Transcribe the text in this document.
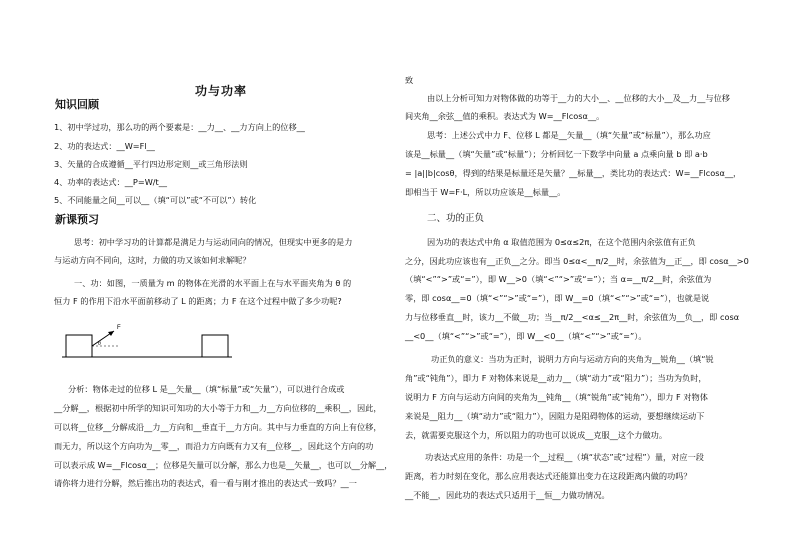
功与功率
知识回顾
1、初中学过功，那么功的两个要素是：__力__、__力方向上的位移__
2、功的表达式：__W=Fl__
3、矢量的合成遵循__平行四边形定则__或三角形法则
4、功率的表达式：__P=W/t__
5、不同能量之间__可以__（填“可以”或“不可以”）转化
新课预习
思考：初中学习功的计算都是满足力与运动同向的情况，但现实中更多的是力
与运动方向不同向，这时，力做的功又该如何求解呢？
一、功：如图，一质量为 m 的物体在光滑的水平面上在与水平面夹角为 θ 的
恒力 F 的作用下沿水平面前移动了 L 的距离；力 F 在这个过程中做了多少功呢?
分析：物体走过的位移 L 是__矢量__（填“标量”或“矢量”），可以进行合成或
__分解__，根据初中所学的知识可知功的大小等于力和__力__方向位移的__乘积__，因此，
可以将__位移__分解成沿__力__方向和__垂直于__力方向。其中与力垂直的方向上有位移，
而无力，所以这个方向功为__零__，而沿力方向既有力又有__位移__，因此这个方向的功
可以表示成 W=__Flcosα__；位移是矢量可以分解，那么力也是__矢量__，也可以__分解__，
请你将力进行分解，然后推出功的表达式，看一看与刚才推出的表达式一致吗？__一
F
θ
致
由以上分析可知力对物体做的功等于__力的大小__、__位移的大小__及__力__与位移
间夹角__余弦__值的乘积。表达式为 W=__Flcosα__。
思考：上述公式中力 F、位移 L 都是__矢量__（填“矢量”或“标量”），那么功应
该是__标量__（填“矢量”或“标量”）；分析回忆一下数学中向量 a 点乘向量 b 即 a·b
= |a||b|cosθ，得到的结果是标量还是矢量？__标量__，类比功的表达式：W=__Flcosα__，
即相当于 W=F·L，所以功应该是__标量__。
二、功的正负
因为功的表达式中角 α 取值范围为 0≤α≤2π，在这个范围内余弦值有正负
之分，因此功应该也有__正负__之分。即当 0≤α<__π/2__时，余弦值为__正__，即 cosα__>0
（填“<”“>”或“=”），即 W__>0（填“<”“>”或“=”）；当 α=__π/2__时，余弦值为
零，即 cosα__=0（填“<”“>”或“=”），即 W__=0（填“<”“>”或“=”），也就是说
力与位移垂直__时，该力__不做__功；当__π/2__<α≤__2π__时，余弦值为__负__，即 cosα
__<0__（填“<”“>”或“=”），即 W__<0__（填“<”“>”或“=”）。
功正负的意义：当功为正时，说明力方向与运动方向的夹角为__锐角__（填“锐
角”或“钝角”），即力 F 对物体来说是__动力__（填“动力”或“阻力”）；当功为负时，
说明力 F 方向与运动方向间的夹角为__钝角__（填“锐角”或“钝角”），即力 F 对物体
来说是__阻力__（填“动力”或“阻力”），因阻力是阻碍物体的运动，要想继续运动下
去，就需要克服这个力，所以阻力的功也可以说成__克服__这个力做功。
功表达式应用的条件：功是一个__过程__（填“状态”或“过程”）量，对应一段
距离，若力时刻在变化，那么应用表达式还能算出变力在这段距离内做的功吗？
__不能__，因此功的表达式只适用于__恒__力做功情况。
